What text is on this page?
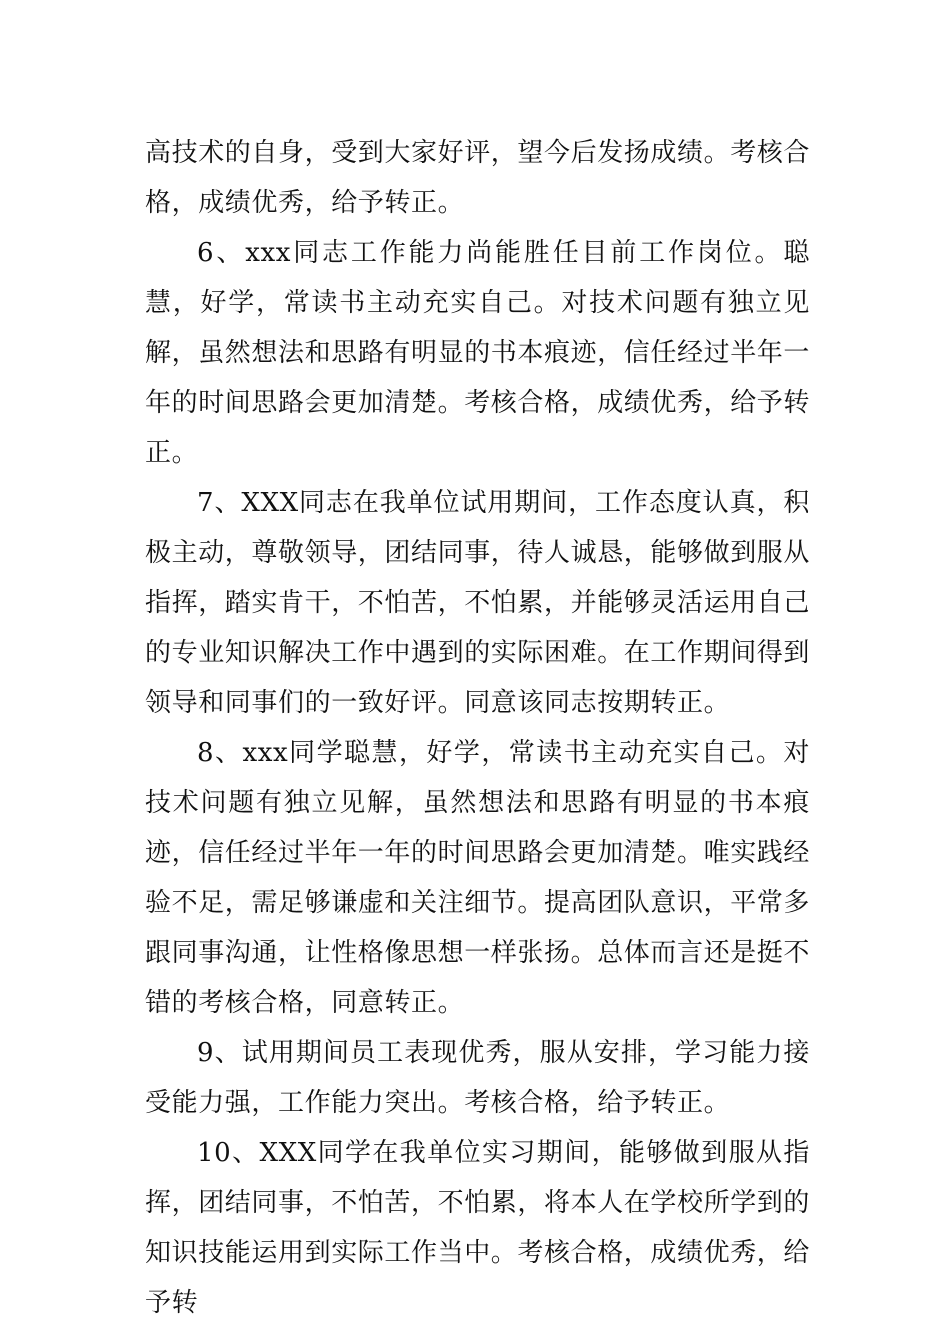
高技术的自身，受到大家好评，望今后发扬成绩。考核合格，成绩优秀，给予转正。

6、xxx同志工作能力尚能胜任目前工作岗位。聪慧，好学，常读书主动充实自己。对技术问题有独立见解，虽然想法和思路有明显的书本痕迹，信任经过半年一年的时间思路会更加清楚。考核合格，成绩优秀，给予转正。

7、XXX同志在我单位试用期间，工作态度认真，积极主动，尊敬领导，团结同事，待人诚恳，能够做到服从指挥，踏实肯干，不怕苦，不怕累，并能够灵活运用自己的专业知识解决工作中遇到的实际困难。在工作期间得到领导和同事们的一致好评。同意该同志按期转正。

8、xxx同学聪慧，好学，常读书主动充实自己。对技术问题有独立见解，虽然想法和思路有明显的书本痕迹，信任经过半年一年的时间思路会更加清楚。唯实践经验不足，需足够谦虚和关注细节。提高团队意识，平常多跟同事沟通，让性格像思想一样张扬。总体而言还是挺不错的考核合格，同意转正。

9、试用期间员工表现优秀，服从安排，学习能力接受能力强，工作能力突出。考核合格，给予转正。

10、XXX同学在我单位实习期间，能够做到服从指挥，团结同事，不怕苦，不怕累，将本人在学校所学到的知识技能运用到实际工作当中。考核合格，成绩优秀，给予转
